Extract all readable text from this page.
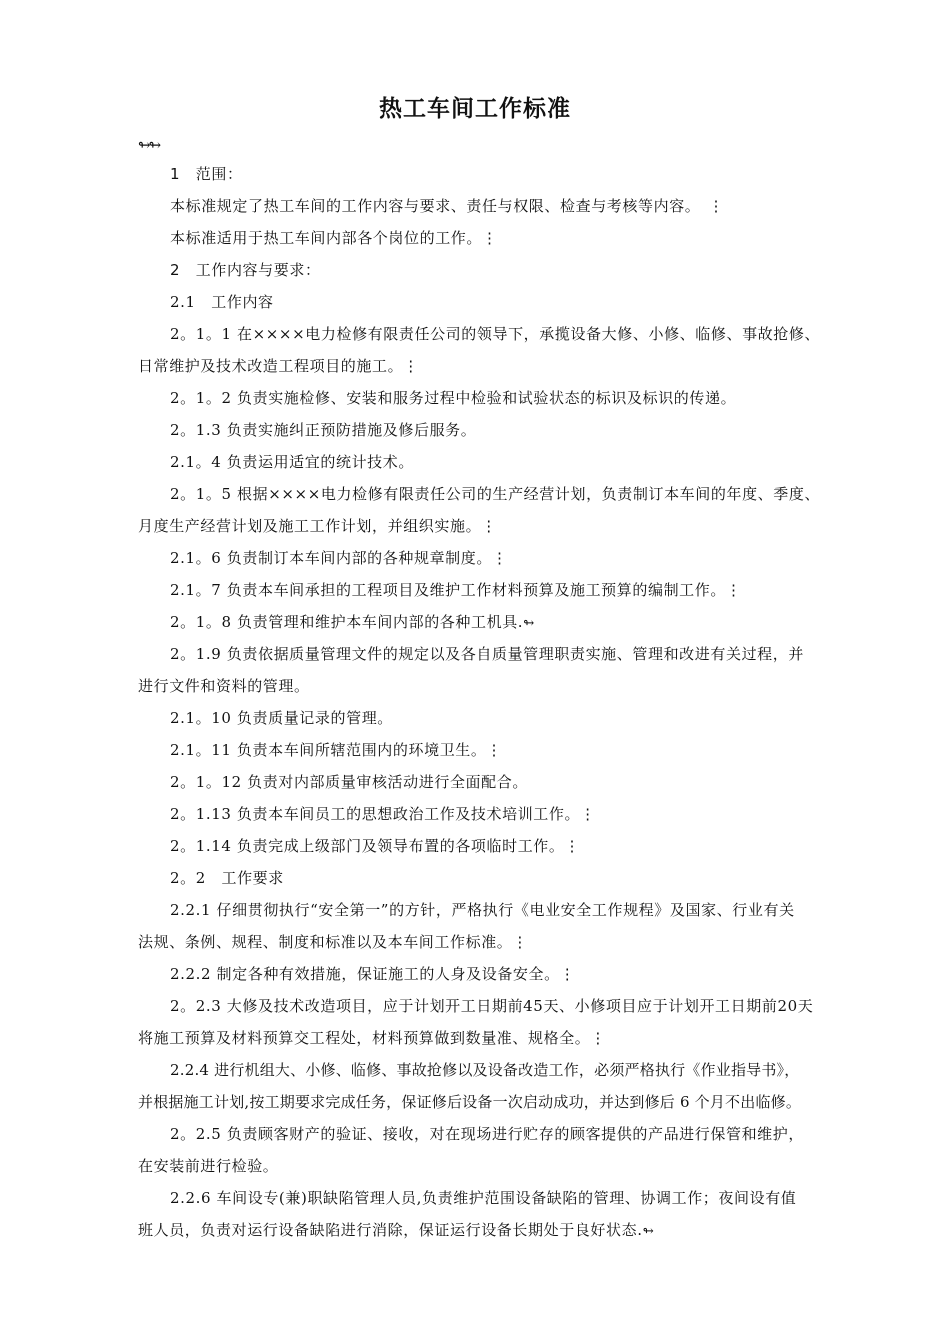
热工车间工作标准
↬↬
1　范围：
本标准规定了热工车间的工作内容与要求、责任与权限、检查与考核等内容。　⋮
本标准适用于热工车间内部各个岗位的工作。⋮
2　工作内容与要求：
2.1　工作内容
2。1。1 在××××电力检修有限责任公司的领导下，承揽设备大修、小修、临修、事故抢修、
日常维护及技术改造工程项目的施工。⋮
2。1。2 负责实施检修、安装和服务过程中检验和试验状态的标识及标识的传递。
2。1.3 负责实施纠正预防措施及修后服务。
2.1。4 负责运用适宜的统计技术。
2。1。5 根据××××电力检修有限责任公司的生产经营计划，负责制订本车间的年度、季度、
月度生产经营计划及施工工作计划，并组织实施。⋮
2.1。6 负责制订本车间内部的各种规章制度。⋮
2.1。7 负责本车间承担的工程项目及维护工作材料预算及施工预算的编制工作。⋮
2。1。8 负责管理和维护本车间内部的各种工机具.↬
2。1.9 负责依据质量管理文件的规定以及各自质量管理职责实施、管理和改进有关过程，并
进行文件和资料的管理。
2.1。10 负责质量记录的管理。
2.1。11 负责本车间所辖范围内的环境卫生。⋮
2。1。12 负责对内部质量审核活动进行全面配合。
2。1.13 负责本车间员工的思想政治工作及技术培训工作。⋮
2。1.14 负责完成上级部门及领导布置的各项临时工作。⋮
2。2　工作要求
2.2.1 仔细贯彻执行“安全第一”的方针，严格执行《电业安全工作规程》及国家、行业有关
法规、条例、规程、制度和标准以及本车间工作标准。⋮
2.2.2 制定各种有效措施，保证施工的人身及设备安全。⋮
2。2.3 大修及技术改造项目，应于计划开工日期前45天、小修项目应于计划开工日期前20天
将施工预算及材料预算交工程处，材料预算做到数量准、规格全。⋮
2.2.4 进行机组大、小修、临修、事故抢修以及设备改造工作，必须严格执行《作业指导书》，
并根据施工计划,按工期要求完成任务，保证修后设备一次启动成功，并达到修后 6 个月不出临修。
2。2.5 负责顾客财产的验证、接收，对在现场进行贮存的顾客提供的产品进行保管和维护，
在安装前进行检验。
2.2.6 车间设专(兼)职缺陷管理人员,负责维护范围设备缺陷的管理、协调工作；夜间设有值
班人员，负责对运行设备缺陷进行消除，保证运行设备长期处于良好状态.↬
